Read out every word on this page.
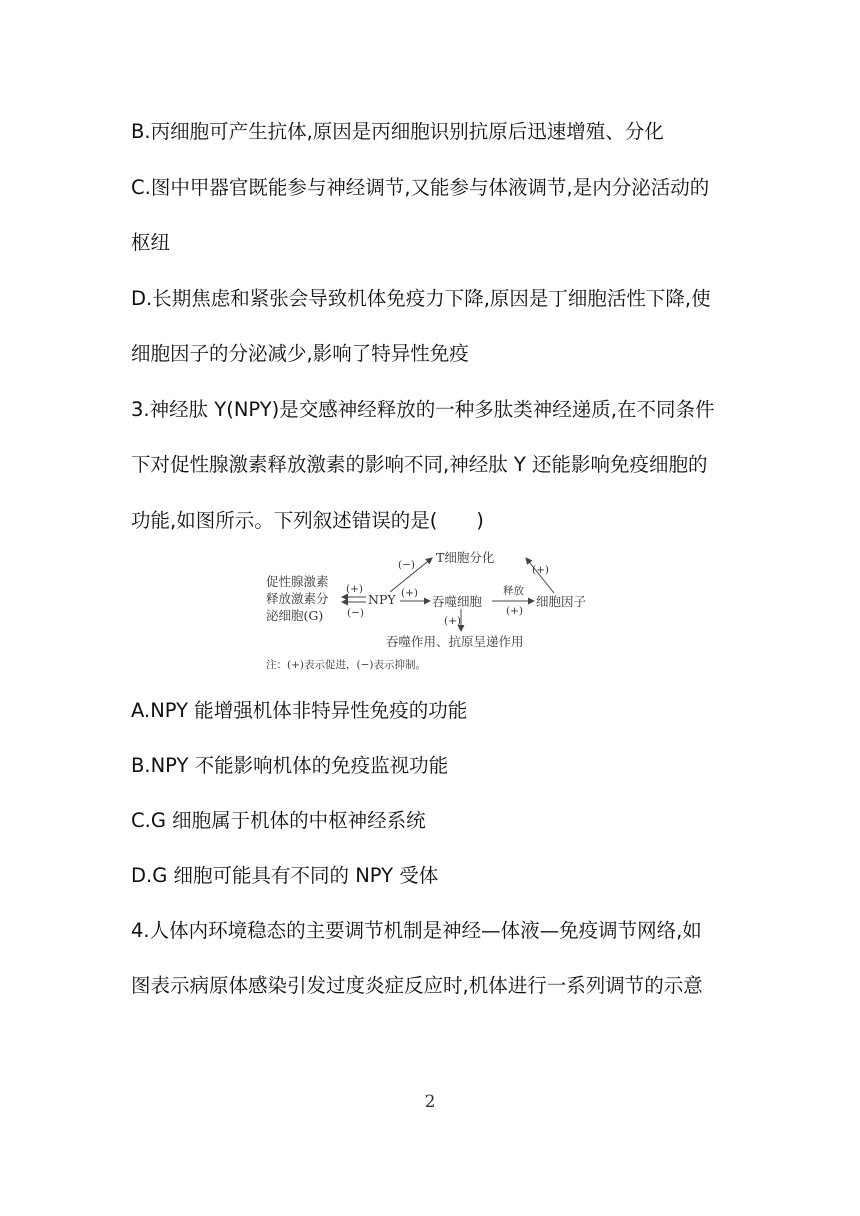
B.丙细胞可产生抗体,原因是丙细胞识别抗原后迅速增殖、分化
C.图中甲器官既能参与神经调节,又能参与体液调节,是内分泌活动的
枢纽
D.长期焦虑和紧张会导致机体免疫力下降,原因是丁细胞活性下降,使
细胞因子的分泌减少,影响了特异性免疫
3.神经肽 Y(NPY)是交感神经释放的一种多肽类神经递质,在不同条件
下对促性腺激素释放激素的影响不同,神经肽 Y 还能影响免疫细胞的
功能,如图所示。下列叙述错误的是(　　)
促性腺激素
释放激素分
泌细胞(G)
NPY
(+)
(−)
(−) T细胞分化
(+)
吞噬细胞
释放
(+)
细胞因子
(+)
(+)
吞噬作用、抗原呈递作用
注：(+)表示促进，(−)表示抑制。
A.NPY 能增强机体非特异性免疫的功能
B.NPY 不能影响机体的免疫监视功能
C.G 细胞属于机体的中枢神经系统
D.G 细胞可能具有不同的 NPY 受体
4.人体内环境稳态的主要调节机制是神经—体液—免疫调节网络,如
图表示病原体感染引发过度炎症反应时,机体进行一系列调节的示意
2
